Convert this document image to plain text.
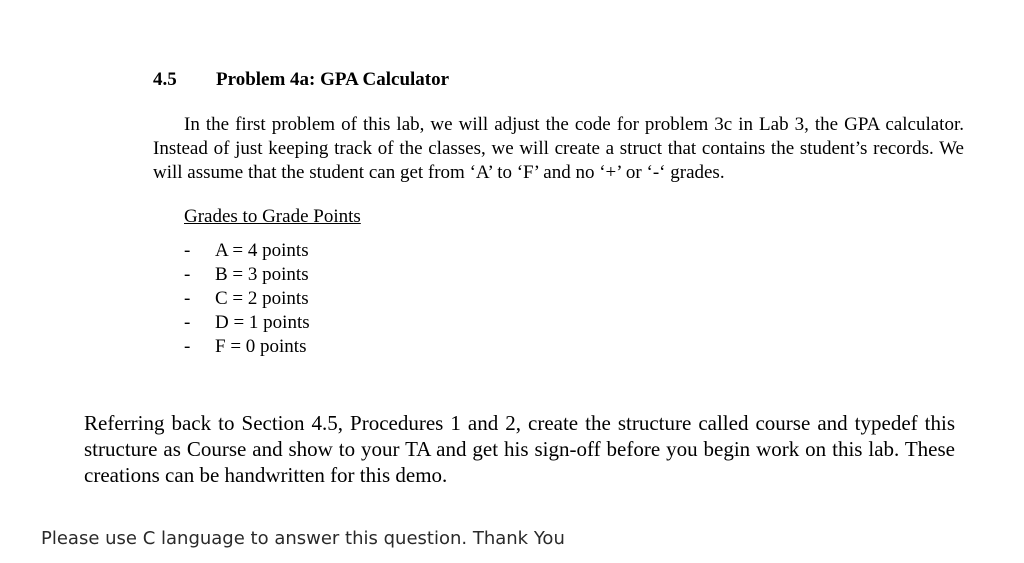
4.5 Problem 4a: GPA Calculator

In the first problem of this lab, we will adjust the code for problem 3c in Lab 3, the GPA calculator. Instead of just keeping track of the classes, we will create a struct that contains the student’s records. We will assume that the student can get from ‘A’ to ‘F’ and no ‘+’ or ‘-‘ grades.

Grades to Grade Points
-	A = 4 points
-	B = 3 points
-	C = 2 points
-	D = 1 points
-	F = 0 points

Referring back to Section 4.5, Procedures 1 and 2, create the structure called course and typedef this structure as Course and show to your TA and get his sign-off before you begin work on this lab. These creations can be handwritten for this demo.

Please use C language to answer this question. Thank You
